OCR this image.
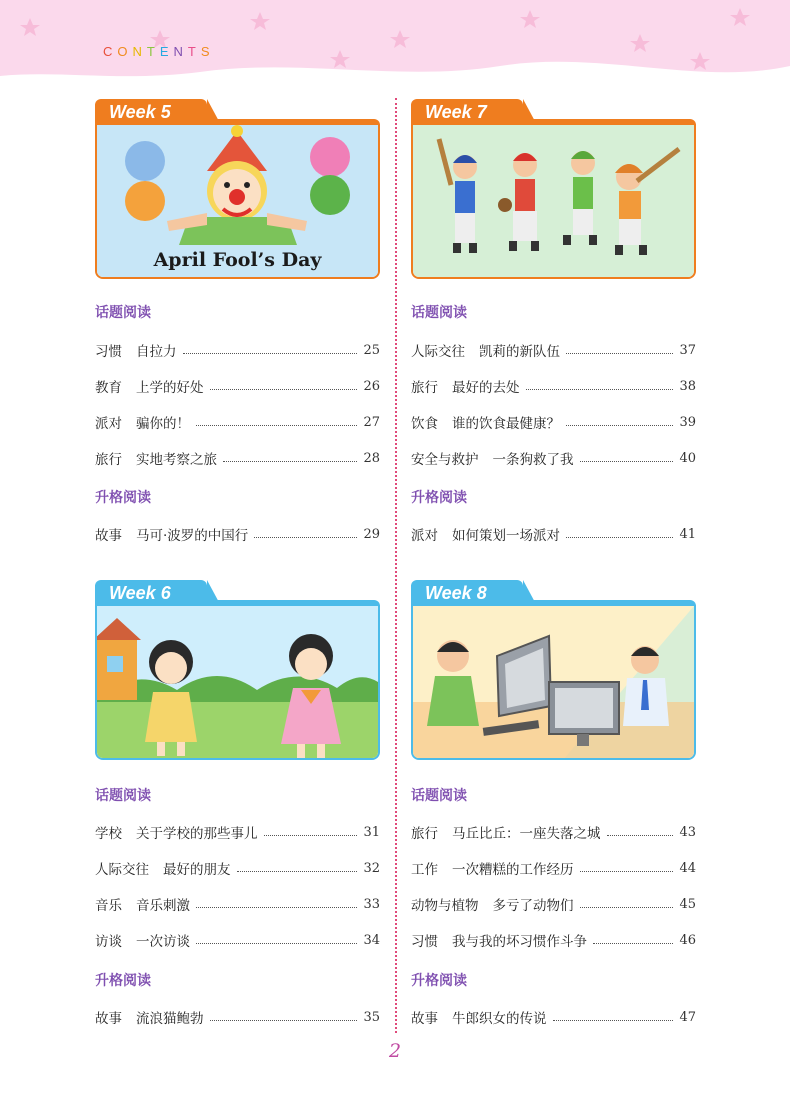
CONTENTS
Week 5
April Fool’s Day
话题阅读
习惯 自拉力	25
教育 上学的好处	26
派对 骗你的！	27
旅行 实地考察之旅	28
升格阅读
故事 马可·波罗的中国行	29
Week 7
话题阅读
人际交往 凯莉的新队伍	37
旅行 最好的去处	38
饮食 谁的饮食最健康？	39
安全与救护 一条狗救了我	40
升格阅读
派对 如何策划一场派对	41
Week 6
话题阅读
学校 关于学校的那些事儿	31
人际交往 最好的朋友	32
音乐 音乐刺激	33
访谈 一次访谈	34
升格阅读
故事 流浪猫鲍勃	35
Week 8
话题阅读
旅行 马丘比丘：一座失落之城	43
工作 一次糟糕的工作经历	44
动物与植物 多亏了动物们	45
习惯 我与我的坏习惯作斗争	46
升格阅读
故事 牛郎织女的传说	47
2
